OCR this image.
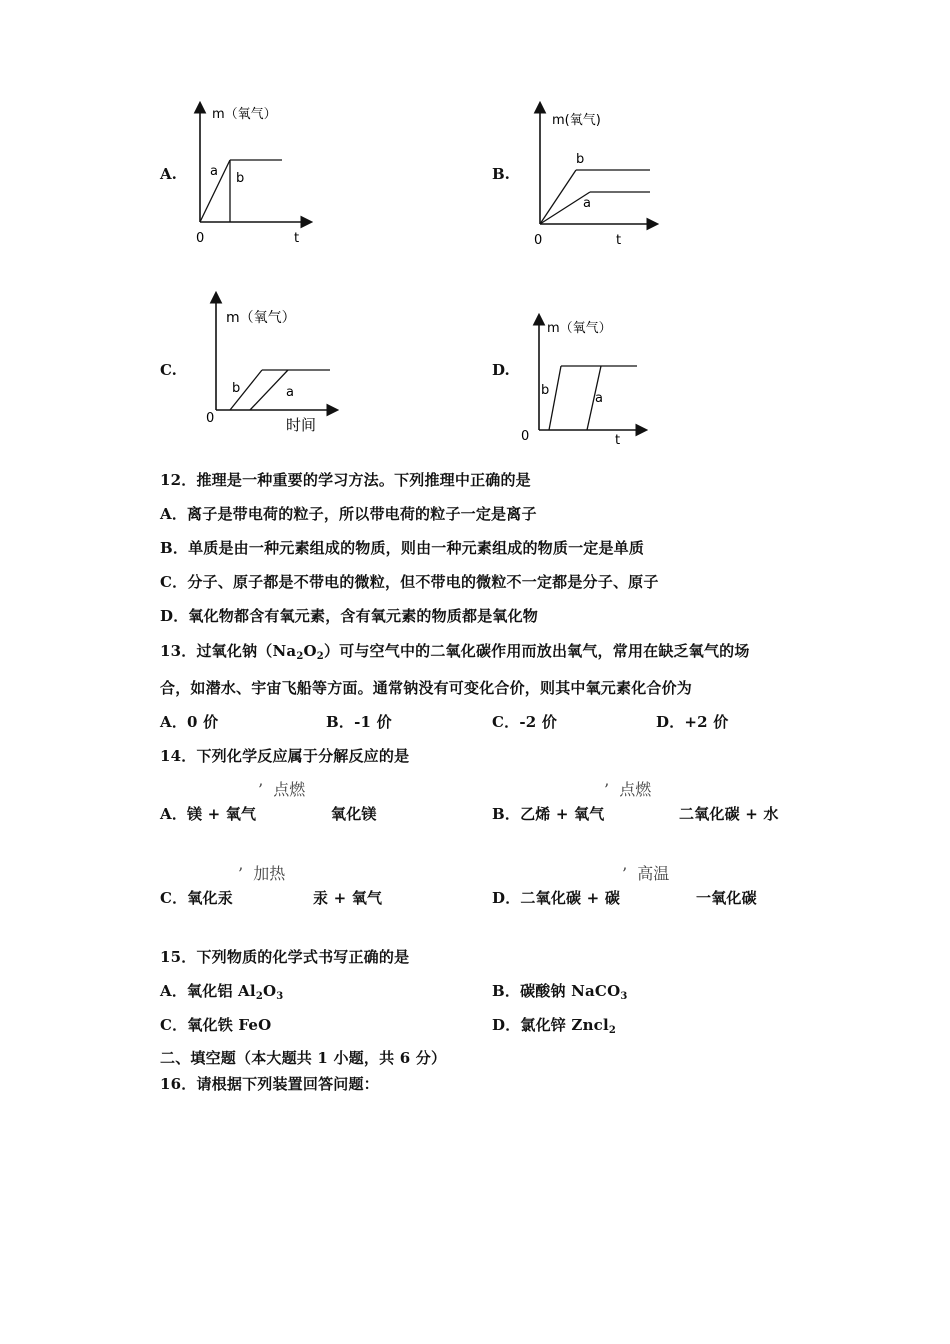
A.
m（氧气）
a b
0	t
B.
m(氧气)
b
a
0	t
C.
m（氧气）
b	a
0	时间
D.
m（氧气）
b
a
0	t
12．推理是一种重要的学习方法。下列推理中正确的是
A．离子是带电荷的粒子，所以带电荷的粒子一定是离子
B．单质是由一种元素组成的物质，则由一种元素组成的物质一定是单质
C．分子、原子都是不带电的微粒，但不带电的微粒不一定都是分子、原子
D．氧化物都含有氧元素，含有氧元素的物质都是氧化物
13．过氧化钠$(Na_2O_2)$可与空气中的二氧化碳作用而放出氧气，常用在缺乏氧气的场
合，如潜水、宇宙飞船等方面。通常钠没有可变化合价，则其中氧元素化合价为
A．0 价	B．-1 价	C．-2 价	D．+2 价
14．下列化学反应属于分解反应的是
’  点燃
A．镁 + 氧气	氧化镁
’  点燃
B．乙烯 + 氧气	二氧化碳 + 水
’  加热
C．氧化汞	汞 + 氧气
’  高温
D．二氧化碳 + 碳	一氧化碳
15．下列物质的化学式书写正确的是
A．氧化铝 $Al_2O_3$	B．碳酸钠 NaCO$_3$
C．氧化铁 FeO	D．氯化锌 Zncl$_2$
二、填空题（本大题共 1 小题，共 6 分）
16．请根据下列装置回答问题：
